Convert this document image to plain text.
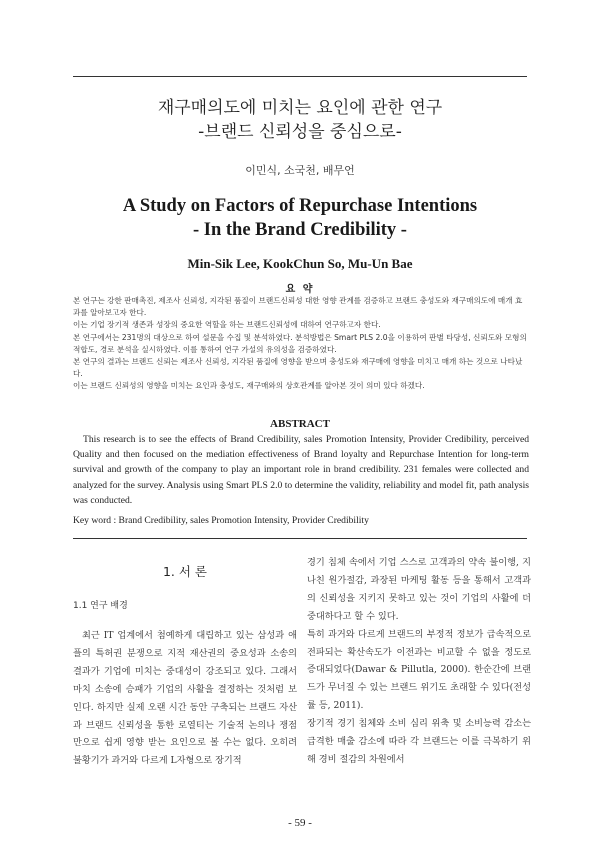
재구매의도에 미치는 요인에 관한 연구
-브랜드 신뢰성을 중심으로-
이민식, 소국천, 배무언
A Study on Factors of Repurchase Intentions
- In the Brand Credibility -
Min-Sik Lee, KookChun So, Mu-Un Bae
요 약
본 연구는 강한 판매촉진, 제조사 신뢰성, 지각된 품질이 브랜드신뢰성 대한 영향 관계를 검증하고 브랜드 충성도와 재구매의도에 매개 효과를 알아보고자 한다.
이는 기업 장기적 생존과 성장의 중요한 역할을 하는 브랜드신뢰성에 대하여 연구하고자 한다.
본 연구에서는 231명의 대상으로 하여 설문을 수집 및 분석하였다. 분석방법은 Smart PLS 2.0을 이용하여 판별 타당성, 신뢰도와 모형의 적합도, 경로 분석을 실시하였다. 이를 통하여 연구 가설의 유의성을 검증하였다.
본 연구의 결과는 브랜드 신뢰는 제조사 신뢰성, 지각된 품질에 영향을 받으며 충성도와 재구매에 영향을 미치고 매개 하는 것으로 나타났다.
이는 브랜드 신뢰성의 영향을 미치는 요인과 충성도, 재구매와의 상호관계를 알아본 것이 의미 있다 하겠다.
ABSTRACT

This research is to see the effects of Brand Credibility, sales Promotion Intensity, Provider Credibility, perceived Quality and then focused on the mediation effectiveness of Brand loyalty and Repurchase Intention for long-term survival and growth of the company to play an important role in brand credibility. 231 females were collected and analyzed for the survey. Analysis using Smart PLS 2.0 to determine the validity, reliability and model fit, path analysis was conducted.

Key word : Brand Credibility, sales Promotion Intensity, Provider Credibility
1. 서 론
1.1 연구 배경

최근 IT 업계에서 첨예하게 대립하고 있는 삼성과 애플의 특허권 분쟁으로 지적 재산권의 중요성과 소송의 결과가 기업에 미치는 중대성이 강조되고 있다. 그래서 마치 소송에 승패가 기업의 사활을 결정하는 것처럼 보인다. 하지만 실제 오랜 시간 동안 구축되는 브랜드 자산과 브랜드 신뢰성을 통한 로열티는 기술적 논의나 쟁점만으로 쉽게 영향 받는 요인으로 볼 수는 없다. 오히려 불황기가 과거와 다르게 L자형으로 장기적

경기 침체 속에서 기업 스스로 고객과의 약속 불이행, 지나친 원가절감, 과장된 마케팅 활동 등을 통해서 고객과의 신뢰성을 지키지 못하고 있는 것이 기업의 사활에 더 중대하다고 할 수 있다.

특히 과거와 다르게 브랜드의 부정적 정보가 급속적으로 전파되는 확산속도가 이전과는 비교할 수 없을 정도로 증대되었다(Dawar & Pillutla, 2000). 한순간에 브랜드가 무너질 수 있는 브랜드 위기도 초래할 수 있다(전성률 등, 2011).

장기적 경기 침체와 소비 심리 위축 및 소비능력 감소는 급격한 매출 감소에 따라 각 브랜드는 이를 극복하기 위해 경비 절감의 차원에서

- 59 -
